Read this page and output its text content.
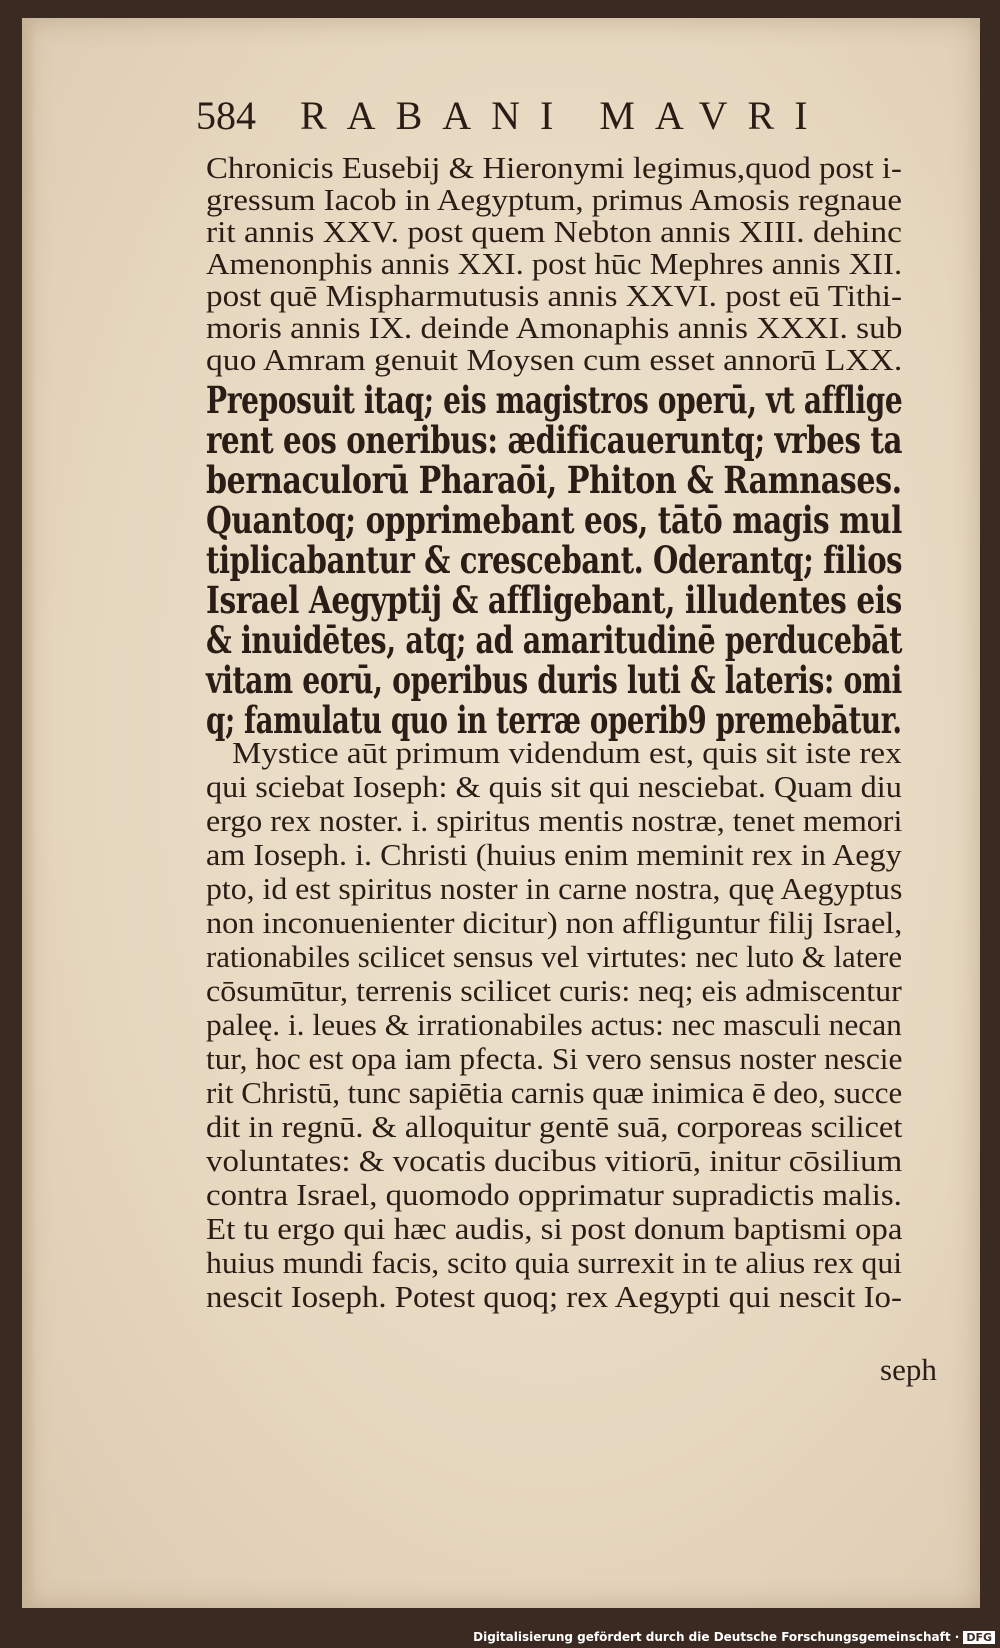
584 RABANI MAVRI
Chronicis Eusebij & Hieronymi legimus,quod post i-
gressum Iacob in Aegyptum, primus Amosis regnaue
rit annis XXV. post quem Nebton annis XIII. dehinc
Amenonphis annis XXI. post hūc Mephres annis XII.
post quē Mispharmutusis annis XXVI. post eū Tithi-
moris annis IX. deinde Amonaphis annis XXXI. sub
quo Amram genuit Moysen cum esset annorū LXX.
Preposuit itaq; eis magistros operū, vt afflige
rent eos oneribus: ædificaueruntq; vrbes ta
bernaculorū Pharaōi, Phiton & Ramnases.
Quantoq; opprimebant eos, tātō magis mul
tiplicabantur & crescebant. Oderantq; filios
Israel Aegyptij & affligebant, illudentes eis
& inuidētes, atq; ad amaritudinē perducebāt
vitam eorū, operibus duris luti & lateris: omi
q; famulatu quo in terræ operib9 premebātur.
Mystice aūt primum videndum est, quis sit iste rex
qui sciebat Ioseph: & quis sit qui nesciebat. Quam diu
ergo rex noster. i. spiritus mentis nostræ, tenet memori
am Ioseph. i. Christi (huius enim meminit rex in Aegy
pto, id est spiritus noster in carne nostra, quę Aegyptus
non inconuenienter dicitur) non affliguntur filij Israel,
rationabiles scilicet sensus vel virtutes: nec luto & latere
cōsumūtur, terrenis scilicet curis: neq; eis admiscentur
paleę. i. leues & irrationabiles actus: nec masculi necan
tur, hoc est opa iam pfecta. Si vero sensus noster nescie
rit Christū, tunc sapiētia carnis quæ inimica ē deo, succe
dit in regnū. & alloquitur gentē suā, corporeas scilicet
voluntates: & vocatis ducibus vitiorū, initur cōsilium
contra Israel, quomodo opprimatur supradictis malis.
Et tu ergo qui hæc audis, si post donum baptismi opa
huius mundi facis, scito quia surrexit in te alius rex qui
nescit Ioseph. Potest quoq; rex Aegypti qui nescit Io-
seph
Digitalisierung gefördert durch die Deutsche Forschungsgemeinschaft · DFG
